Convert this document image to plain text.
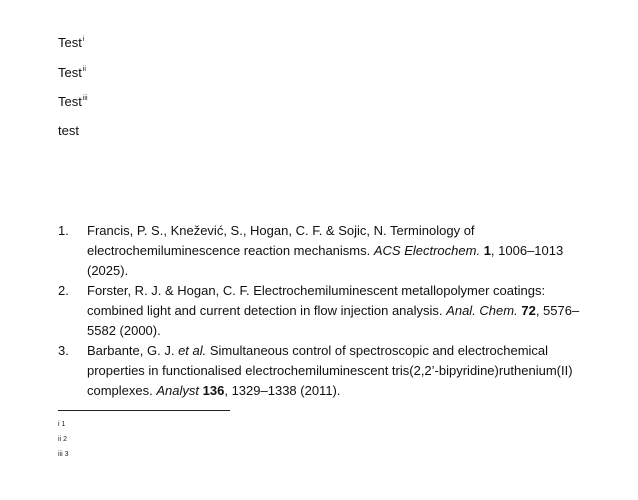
Test$^i$
Test$^{ii}$
Test$^{iii}$
test
1. Francis, P. S., Knežević, S., Hogan, C. F. & Sojic, N. Terminology of electrochemiluminescence reaction mechanisms. ACS Electrochem. 1, 1006–1013 (2025).
2. Forster, R. J. & Hogan, C. F. Electrochemiluminescent metallopolymer coatings: combined light and current detection in flow injection analysis. Anal. Chem. 72, 5576–5582 (2000).
3. Barbante, G. J. et al. Simultaneous control of spectroscopic and electrochemical properties in functionalised electrochemiluminescent tris(2,2’-bipyridine)ruthenium(II) complexes. Analyst 136, 1329–1338 (2011).
i 1
ii 2
iii 3
